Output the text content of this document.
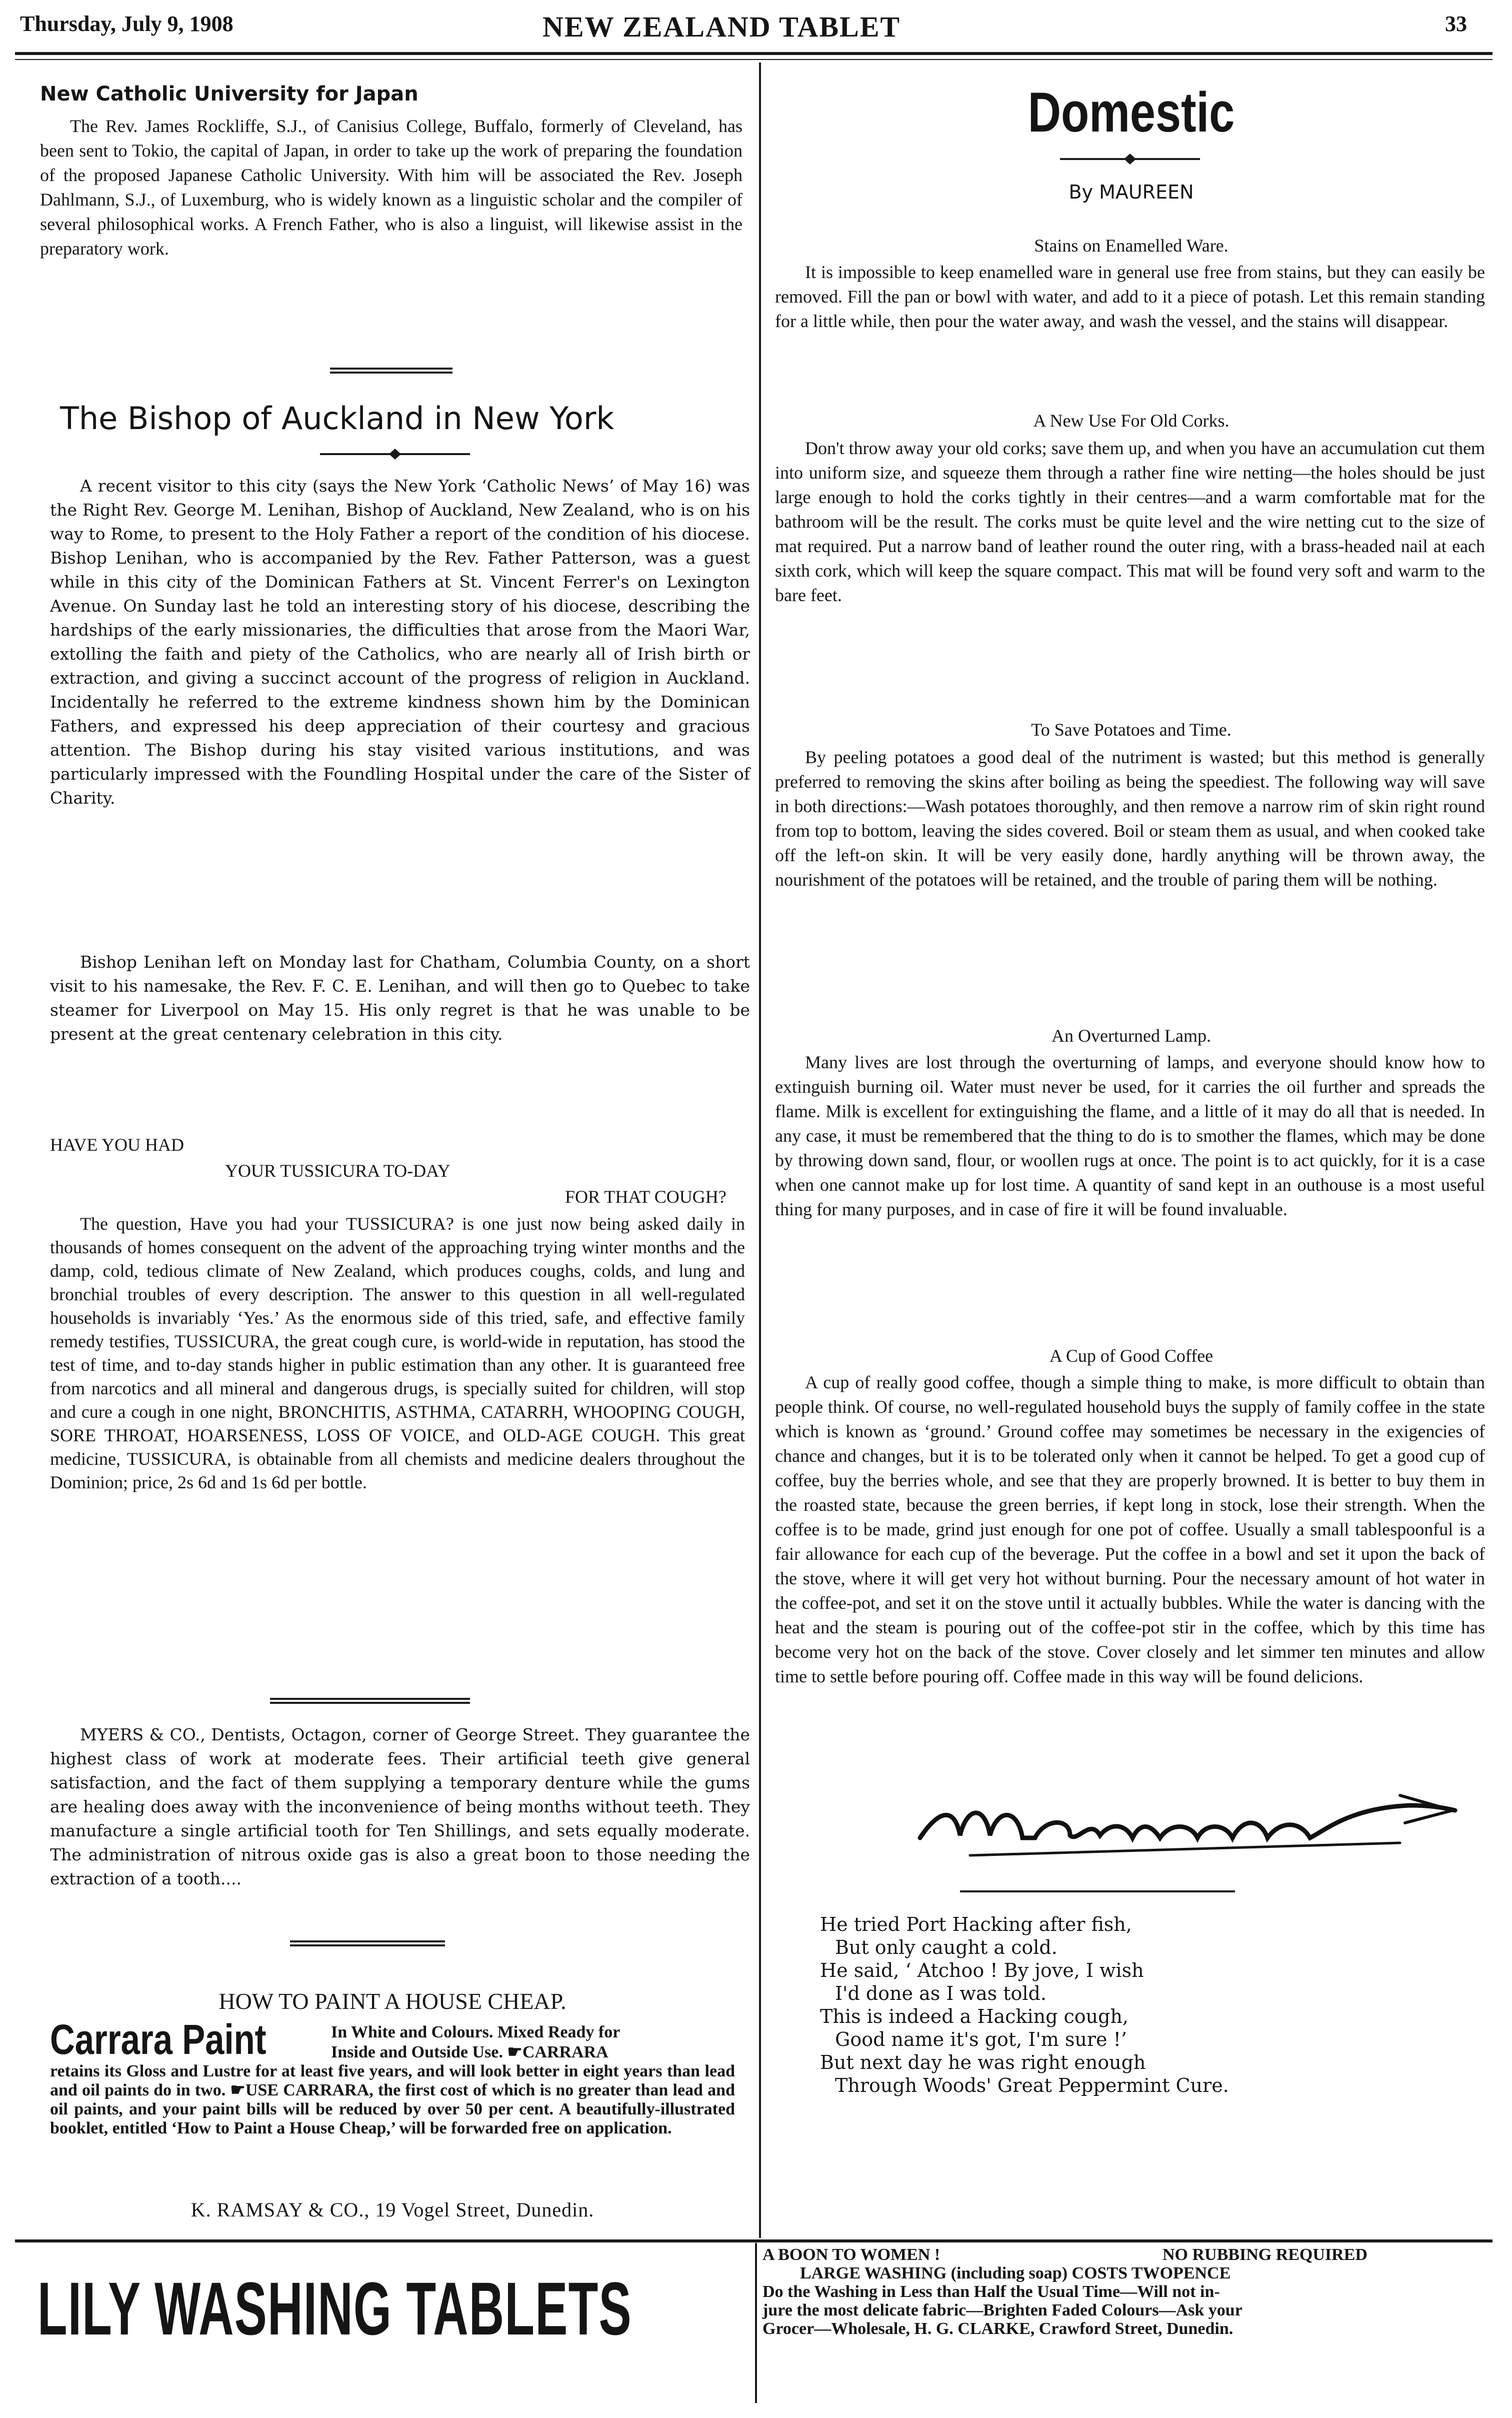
Thursday, July 9, 1908	NEW ZEALAND TABLET	33
New Catholic University for Japan
The Rev. James Rockliffe, S.J., of Canisius College, Buffalo, formerly of Cleveland, has been sent to Tokio, the capital of Japan, in order to take up the work of preparing the foundation of the proposed Japanese Catholic University. With him will be associated the Rev. Joseph Dahlmann, S.J., of Luxemburg, who is widely known as a linguistic scholar and the compiler of several philosophical works. A French Father, who is also a linguist, will likewise assist in the preparatory work.
The Bishop of Auckland in New York
A recent visitor to this city (says the New York ‘Catholic News’ of May 16) was the Right Rev. George M. Lenihan, Bishop of Auckland, New Zealand, who is on his way to Rome, to present to the Holy Father a report of the condition of his diocese. Bishop Lenihan, who is accompanied by the Rev. Father Patterson, was a guest while in this city of the Dominican Fathers at St. Vincent Ferrer's on Lexington Avenue. On Sunday last he told an interesting story of his diocese, describing the hardships of the early missionaries, the difficulties that arose from the Maori War, extolling the faith and piety of the Catholics, who are nearly all of Irish birth or extraction, and giving a succinct account of the progress of religion in Auckland. Incidentally he referred to the extreme kindness shown him by the Dominican Fathers, and expressed his deep appreciation of their courtesy and gracious attention. The Bishop during his stay visited various institutions, and was particularly impressed with the Foundling Hospital under the care of the Sister of Charity.
Bishop Lenihan left on Monday last for Chatham, Columbia County, on a short visit to his namesake, the Rev. F. C. E. Lenihan, and will then go to Quebec to take steamer for Liverpool on May 15. His only regret is that he was unable to be present at the great centenary celebration in this city.
HAVE YOU HAD
YOUR TUSSICURA TO-DAY
FOR THAT COUGH?
The question, Have you had your TUSSICURA? is one just now being asked daily in thousands of homes consequent on the advent of the approaching trying winter months and the damp, cold, tedious climate of New Zealand, which produces coughs, colds, and lung and bronchial troubles of every description. The answer to this question in all well-regulated households is invariably ‘Yes.’ As the enormous side of this tried, safe, and effective family remedy testifies, TUSSICURA, the great cough cure, is world-wide in reputation, has stood the test of time, and to-day stands higher in public estimation than any other. It is guaranteed free from narcotics and all mineral and dangerous drugs, is specially suited for children, will stop and cure a cough in one night, BRONCHITIS, ASTHMA, CATARRH, WHOOPING COUGH, SORE THROAT, HOARSENESS, LOSS OF VOICE, and OLD-AGE COUGH. This great medicine, TUSSICURA, is obtainable from all chemists and medicine dealers throughout the Dominion; price, 2s 6d and 1s 6d per bottle.
MYERS & CO., Dentists, Octagon, corner of George Street. They guarantee the highest class of work at moderate fees. Their artificial teeth give general satisfaction, and the fact of them supplying a temporary denture while the gums are healing does away with the inconvenience of being months without teeth. They manufacture a single artificial tooth for Ten Shillings, and sets equally moderate. The administration of nitrous oxide gas is also a great boon to those needing the extraction of a tooth....
HOW TO PAINT A HOUSE CHEAP.
Carrara Paint	In White and Colours. Mixed Ready for
Inside and Outside Use. ☛CARRARA
retains its Gloss and Lustre for at least five years, and will look better in eight years than lead and oil paints do in two. ☛USE CARRARA, the first cost of which is no greater than lead and oil paints, and your paint bills will be reduced by over 50 per cent. A beautifully-illustrated booklet, entitled ‘How to Paint a House Cheap,’ will be forwarded free on application.
K. RAMSAY & CO., 19 Vogel Street, Dunedin.
Domestic
By MAUREEN
Stains on Enamelled Ware.
It is impossible to keep enamelled ware in general use free from stains, but they can easily be removed. Fill the pan or bowl with water, and add to it a piece of potash. Let this remain standing for a little while, then pour the water away, and wash the vessel, and the stains will disappear.
A New Use For Old Corks.
Don't throw away your old corks; save them up, and when you have an accumulation cut them into uniform size, and squeeze them through a rather fine wire netting—the holes should be just large enough to hold the corks tightly in their centres—and a warm comfortable mat for the bathroom will be the result. The corks must be quite level and the wire netting cut to the size of mat required. Put a narrow band of leather round the outer ring, with a brass-headed nail at each sixth cork, which will keep the square compact. This mat will be found very soft and warm to the bare feet.
To Save Potatoes and Time.
By peeling potatoes a good deal of the nutriment is wasted; but this method is generally preferred to removing the skins after boiling as being the speediest. The following way will save in both directions:—Wash potatoes thoroughly, and then remove a narrow rim of skin right round from top to bottom, leaving the sides covered. Boil or steam them as usual, and when cooked take off the left-on skin. It will be very easily done, hardly anything will be thrown away, the nourishment of the potatoes will be retained, and the trouble of paring them will be nothing.
An Overturned Lamp.
Many lives are lost through the overturning of lamps, and everyone should know how to extinguish burning oil. Water must never be used, for it carries the oil further and spreads the flame. Milk is excellent for extinguishing the flame, and a little of it may do all that is needed. In any case, it must be remembered that the thing to do is to smother the flames, which may be done by throwing down sand, flour, or woollen rugs at once. The point is to act quickly, for it is a case when one cannot make up for lost time. A quantity of sand kept in an outhouse is a most useful thing for many purposes, and in case of fire it will be found invaluable.
A Cup of Good Coffee
A cup of really good coffee, though a simple thing to make, is more difficult to obtain than people think. Of course, no well-regulated household buys the supply of family coffee in the state which is known as ‘ground.’ Ground coffee may sometimes be necessary in the exigencies of chance and changes, but it is to be tolerated only when it cannot be helped. To get a good cup of coffee, buy the berries whole, and see that they are properly browned. It is better to buy them in the roasted state, because the green berries, if kept long in stock, lose their strength. When the coffee is to be made, grind just enough for one pot of coffee. Usually a small tablespoonful is a fair allowance for each cup of the beverage. Put the coffee in a bowl and set it upon the back of the stove, where it will get very hot without burning. Pour the necessary amount of hot water in the coffee-pot, and set it on the stove until it actually bubbles. While the water is dancing with the heat and the steam is pouring out of the coffee-pot stir in the coffee, which by this time has become very hot on the back of the stove. Cover closely and let simmer ten minutes and allow time to settle before pouring off. Coffee made in this way will be found delicions.
Maureen
He tried Port Hacking after fish,
But only caught a cold.
He said, ‘ Atchoo ! By jove, I wish
I'd done as I was told.
This is indeed a Hacking cough,
Good name it's got, I'm sure !’
But next day he was right enough
Through Woods' Great Peppermint Cure.
LILY WASHING TABLETS
A BOON TO WOMEN !	NO RUBBING REQUIRED
LARGE WASHING (including soap) COSTS TWOPENCE
Do the Washing in Less than Half the Usual Time—Will not in-
jure the most delicate fabric—Brighten Faded Colours—Ask your
Grocer—Wholesale, H. G. CLARKE, Crawford Street, Dunedin.
